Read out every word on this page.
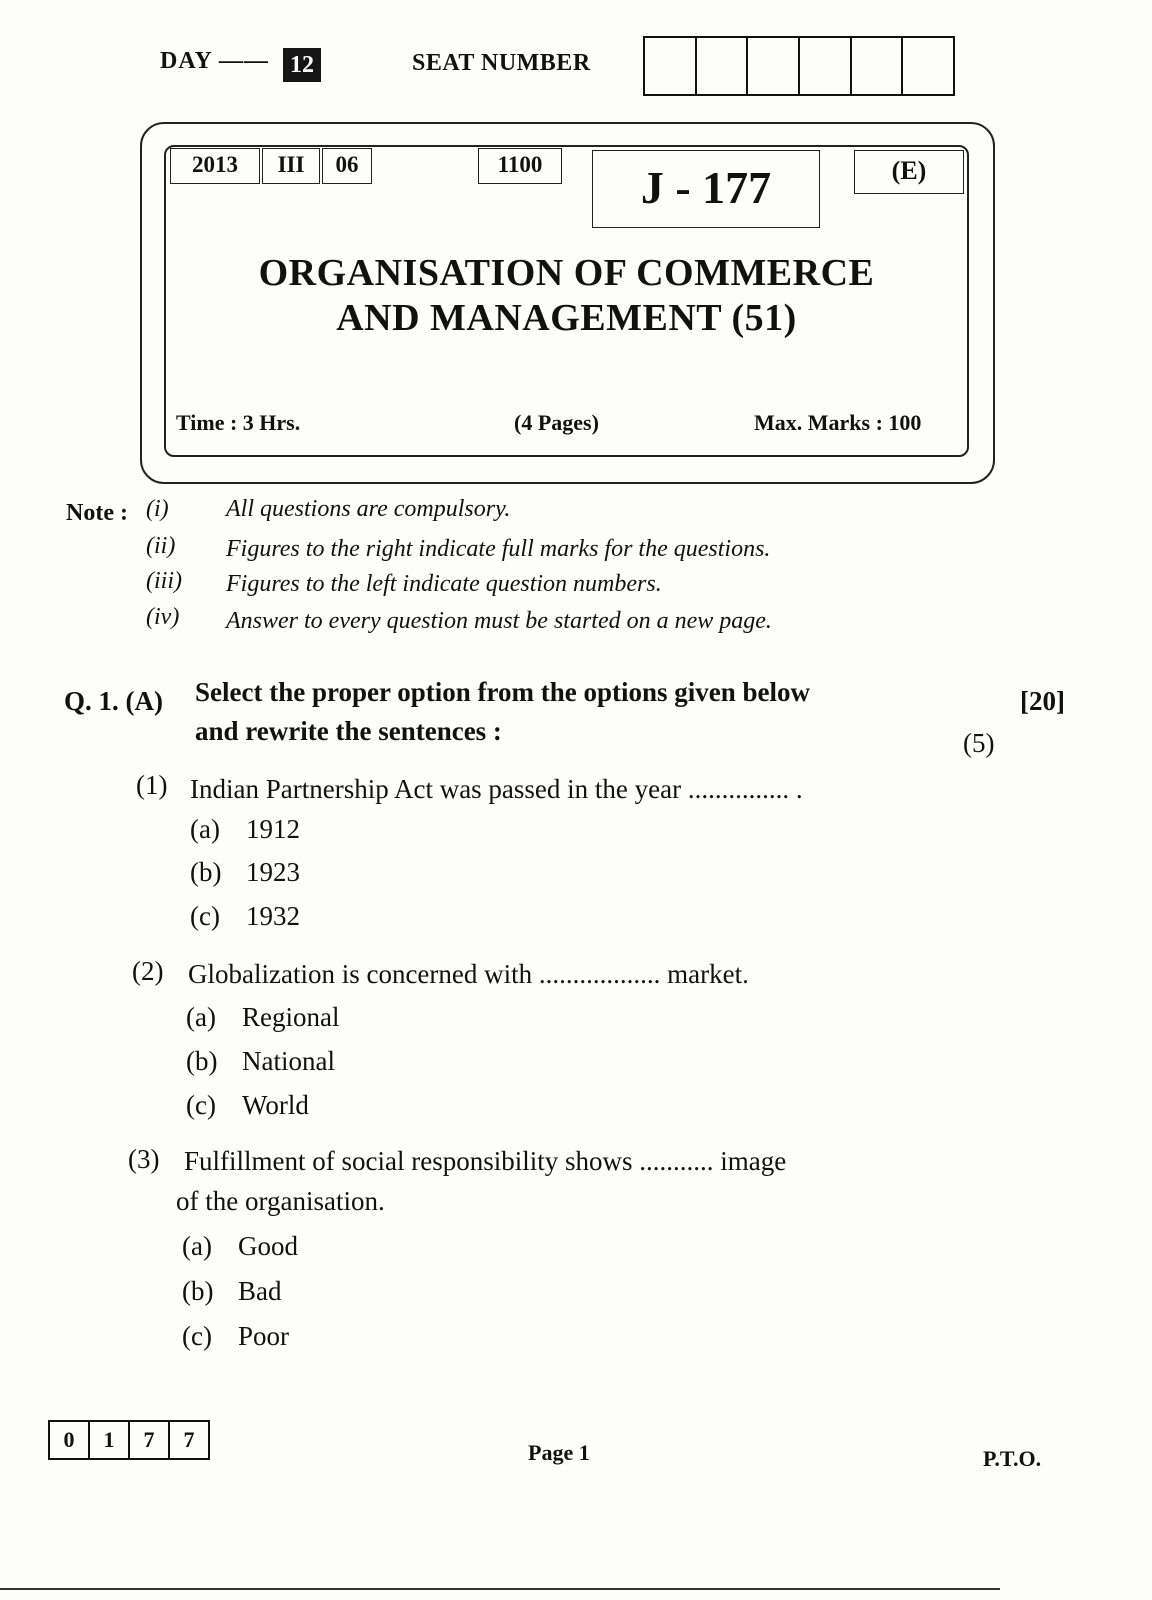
DAY —— 12	SEAT NUMBER
2013	III	06	1100	J - 177	(E)
ORGANISATION OF COMMERCE
AND MANAGEMENT (51)
Time : 3 Hrs.	(4 Pages)	Max. Marks : 100
Note : (i) All questions are compulsory.
(ii) Figures to the right indicate full marks for the questions.
(iii) Figures to the left indicate question numbers.
(iv) Answer to every question must be started on a new page.
Q. 1. (A) Select the proper option from the options given below
and rewrite the sentences :
[20]
(5)
(1) Indian Partnership Act was passed in the year ............... .
(a) 1912
(b) 1923
(c) 1932
(2) Globalization is concerned with .................. market.
(a) Regional
(b) National
(c) World
(3) Fulfillment of social responsibility shows ........... image
of the organisation.
(a) Good
(b) Bad
(c) Poor
0	1	7	7
Page 1	P.T.O.
